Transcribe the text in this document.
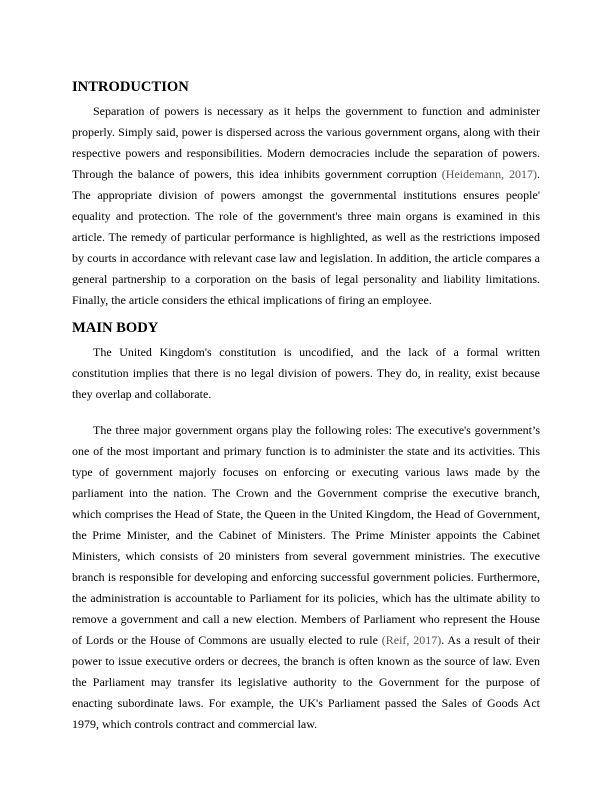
INTRODUCTION

Separation of powers is necessary as it helps the government to function and administer properly. Simply said, power is dispersed across the various government organs, along with their respective powers and responsibilities. Modern democracies include the separation of powers. Through the balance of powers, this idea inhibits government corruption (Heidemann, 2017). The appropriate division of powers amongst the governmental institutions ensures people' equality and protection. The role of the government's three main organs is examined in this article. The remedy of particular performance is highlighted, as well as the restrictions imposed by courts in accordance with relevant case law and legislation. In addition, the article compares a general partnership to a corporation on the basis of legal personality and liability limitations. Finally, the article considers the ethical implications of firing an employee.

MAIN BODY

The United Kingdom's constitution is uncodified, and the lack of a formal written constitution implies that there is no legal division of powers. They do, in reality, exist because they overlap and collaborate.

The three major government organs play the following roles: The executive's government’s one of the most important and primary function is to administer the state and its activities. This type of government majorly focuses on enforcing or executing various laws made by the parliament into the nation. The Crown and the Government comprise the executive branch, which comprises the Head of State, the Queen in the United Kingdom, the Head of Government, the Prime Minister, and the Cabinet of Ministers. The Prime Minister appoints the Cabinet Ministers, which consists of 20 ministers from several government ministries. The executive branch is responsible for developing and enforcing successful government policies. Furthermore, the administration is accountable to Parliament for its policies, which has the ultimate ability to remove a government and call a new election. Members of Parliament who represent the House of Lords or the House of Commons are usually elected to rule (Reif, 2017). As a result of their power to issue executive orders or decrees, the branch is often known as the source of law. Even the Parliament may transfer its legislative authority to the Government for the purpose of enacting subordinate laws. For example, the UK's Parliament passed the Sales of Goods Act 1979, which controls contract and commercial law.
